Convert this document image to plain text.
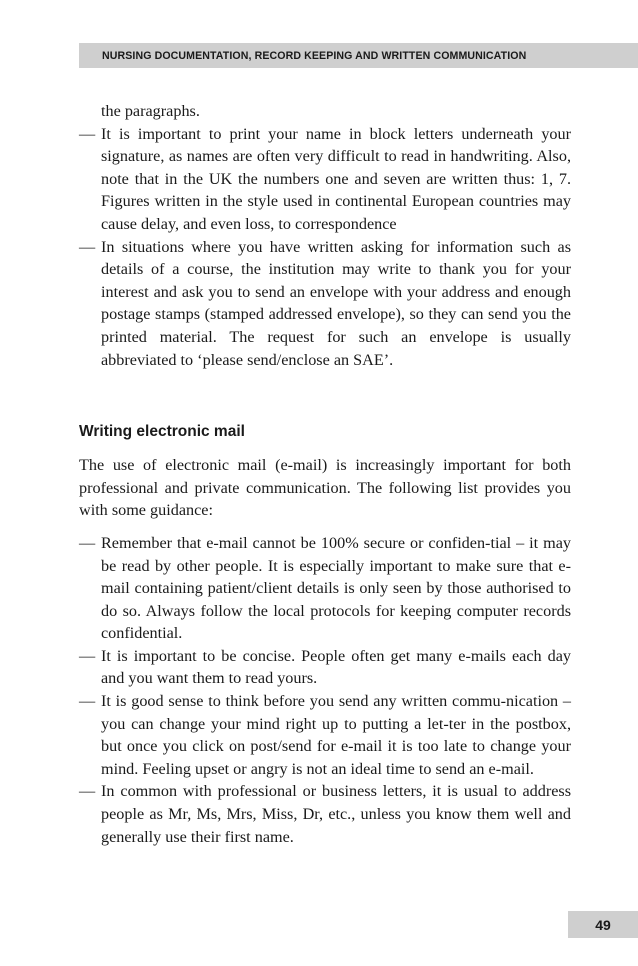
NURSING DOCUMENTATION, RECORD KEEPING AND WRITTEN COMMUNICATION
the paragraphs.
— It is important to print your name in block letters underneath your signature, as names are often very difficult to read in handwriting. Also, note that in the UK the numbers one and seven are written thus: 1, 7. Figures written in the style used in continental European countries may cause delay, and even loss, to correspondence
— In situations where you have written asking for information such as details of a course, the institution may write to thank you for your interest and ask you to send an envelope with your address and enough postage stamps (stamped addressed envelope), so they can send you the printed material. The request for such an envelope is usually abbreviated to ‘please send/enclose an SAE’.
Writing electronic mail
The use of electronic mail (e-mail) is increasingly important for both professional and private communication. The following list provides you with some guidance:
— Remember that e-mail cannot be 100% secure or confiden-tial – it may be read by other people. It is especially important to make sure that e-mail containing patient/client details is only seen by those authorised to do so. Always follow the local protocols for keeping computer records confidential.
— It is important to be concise. People often get many e-mails each day and you want them to read yours.
— It is good sense to think before you send any written commu-nication – you can change your mind right up to putting a let-ter in the postbox, but once you click on post/send for e-mail it is too late to change your mind. Feeling upset or angry is not an ideal time to send an e-mail.
— In common with professional or business letters, it is usual to address people as Mr, Ms, Mrs, Miss, Dr, etc., unless you know them well and generally use their first name.
49
